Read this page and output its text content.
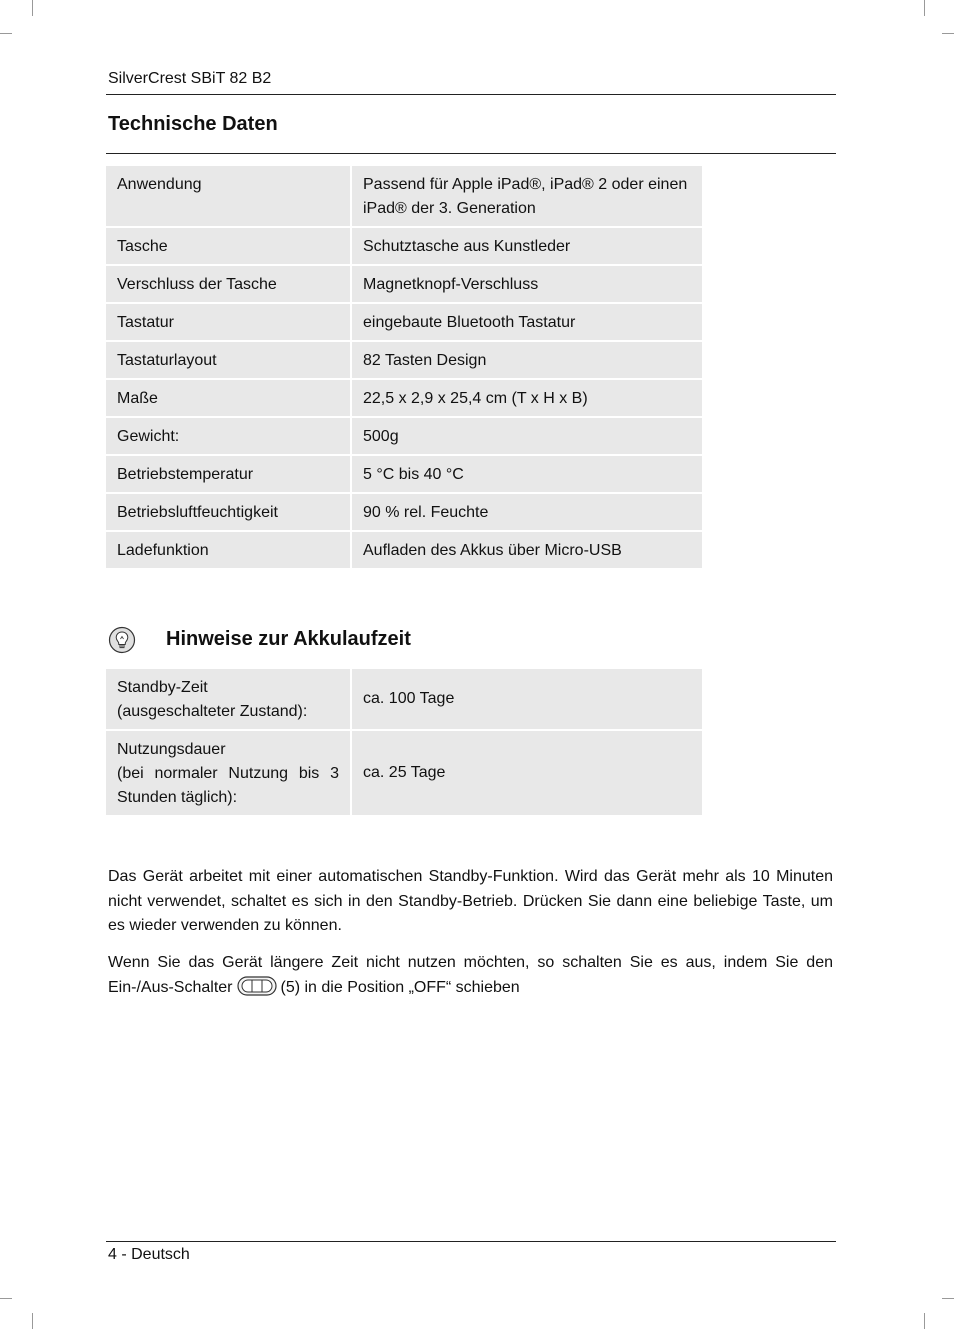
SilverCrest SBiT 82 B2
Technische Daten
Anwendung	Passend für Apple iPad®, iPad® 2 oder einen
iPad® der 3. Generation
Tasche	Schutztasche aus Kunstleder
Verschluss der Tasche	Magnetknopf-Verschluss
Tastatur	eingebaute Bluetooth Tastatur
Tastaturlayout	82 Tasten Design
Maße	22,5 x 2,9 x 25,4 cm (T x H x B)
Gewicht:	500g
Betriebstemperatur	5 °C bis 40 °C
Betriebsluftfeuchtigkeit	90 % rel. Feuchte
Ladefunktion	Aufladen des Akkus über Micro-USB
Hinweise zur Akkulaufzeit
Standby-Zeit
(ausgeschalteter Zustand):	ca. 100 Tage
Nutzungsdauer
(bei normaler Nutzung bis 3
Stunden täglich):	ca. 25 Tage

Das Gerät arbeitet mit einer automatischen Standby-Funktion. Wird das Gerät mehr als 10 Minuten nicht verwendet, schaltet es sich in den Standby-Betrieb. Drücken Sie dann eine beliebige Taste, um es wieder verwenden zu können.

Wenn Sie das Gerät längere Zeit nicht nutzen möchten, so schalten Sie es aus, indem Sie den Ein-/Aus-Schalter	(5) in die Position „OFF“ schieben

4 - Deutsch
